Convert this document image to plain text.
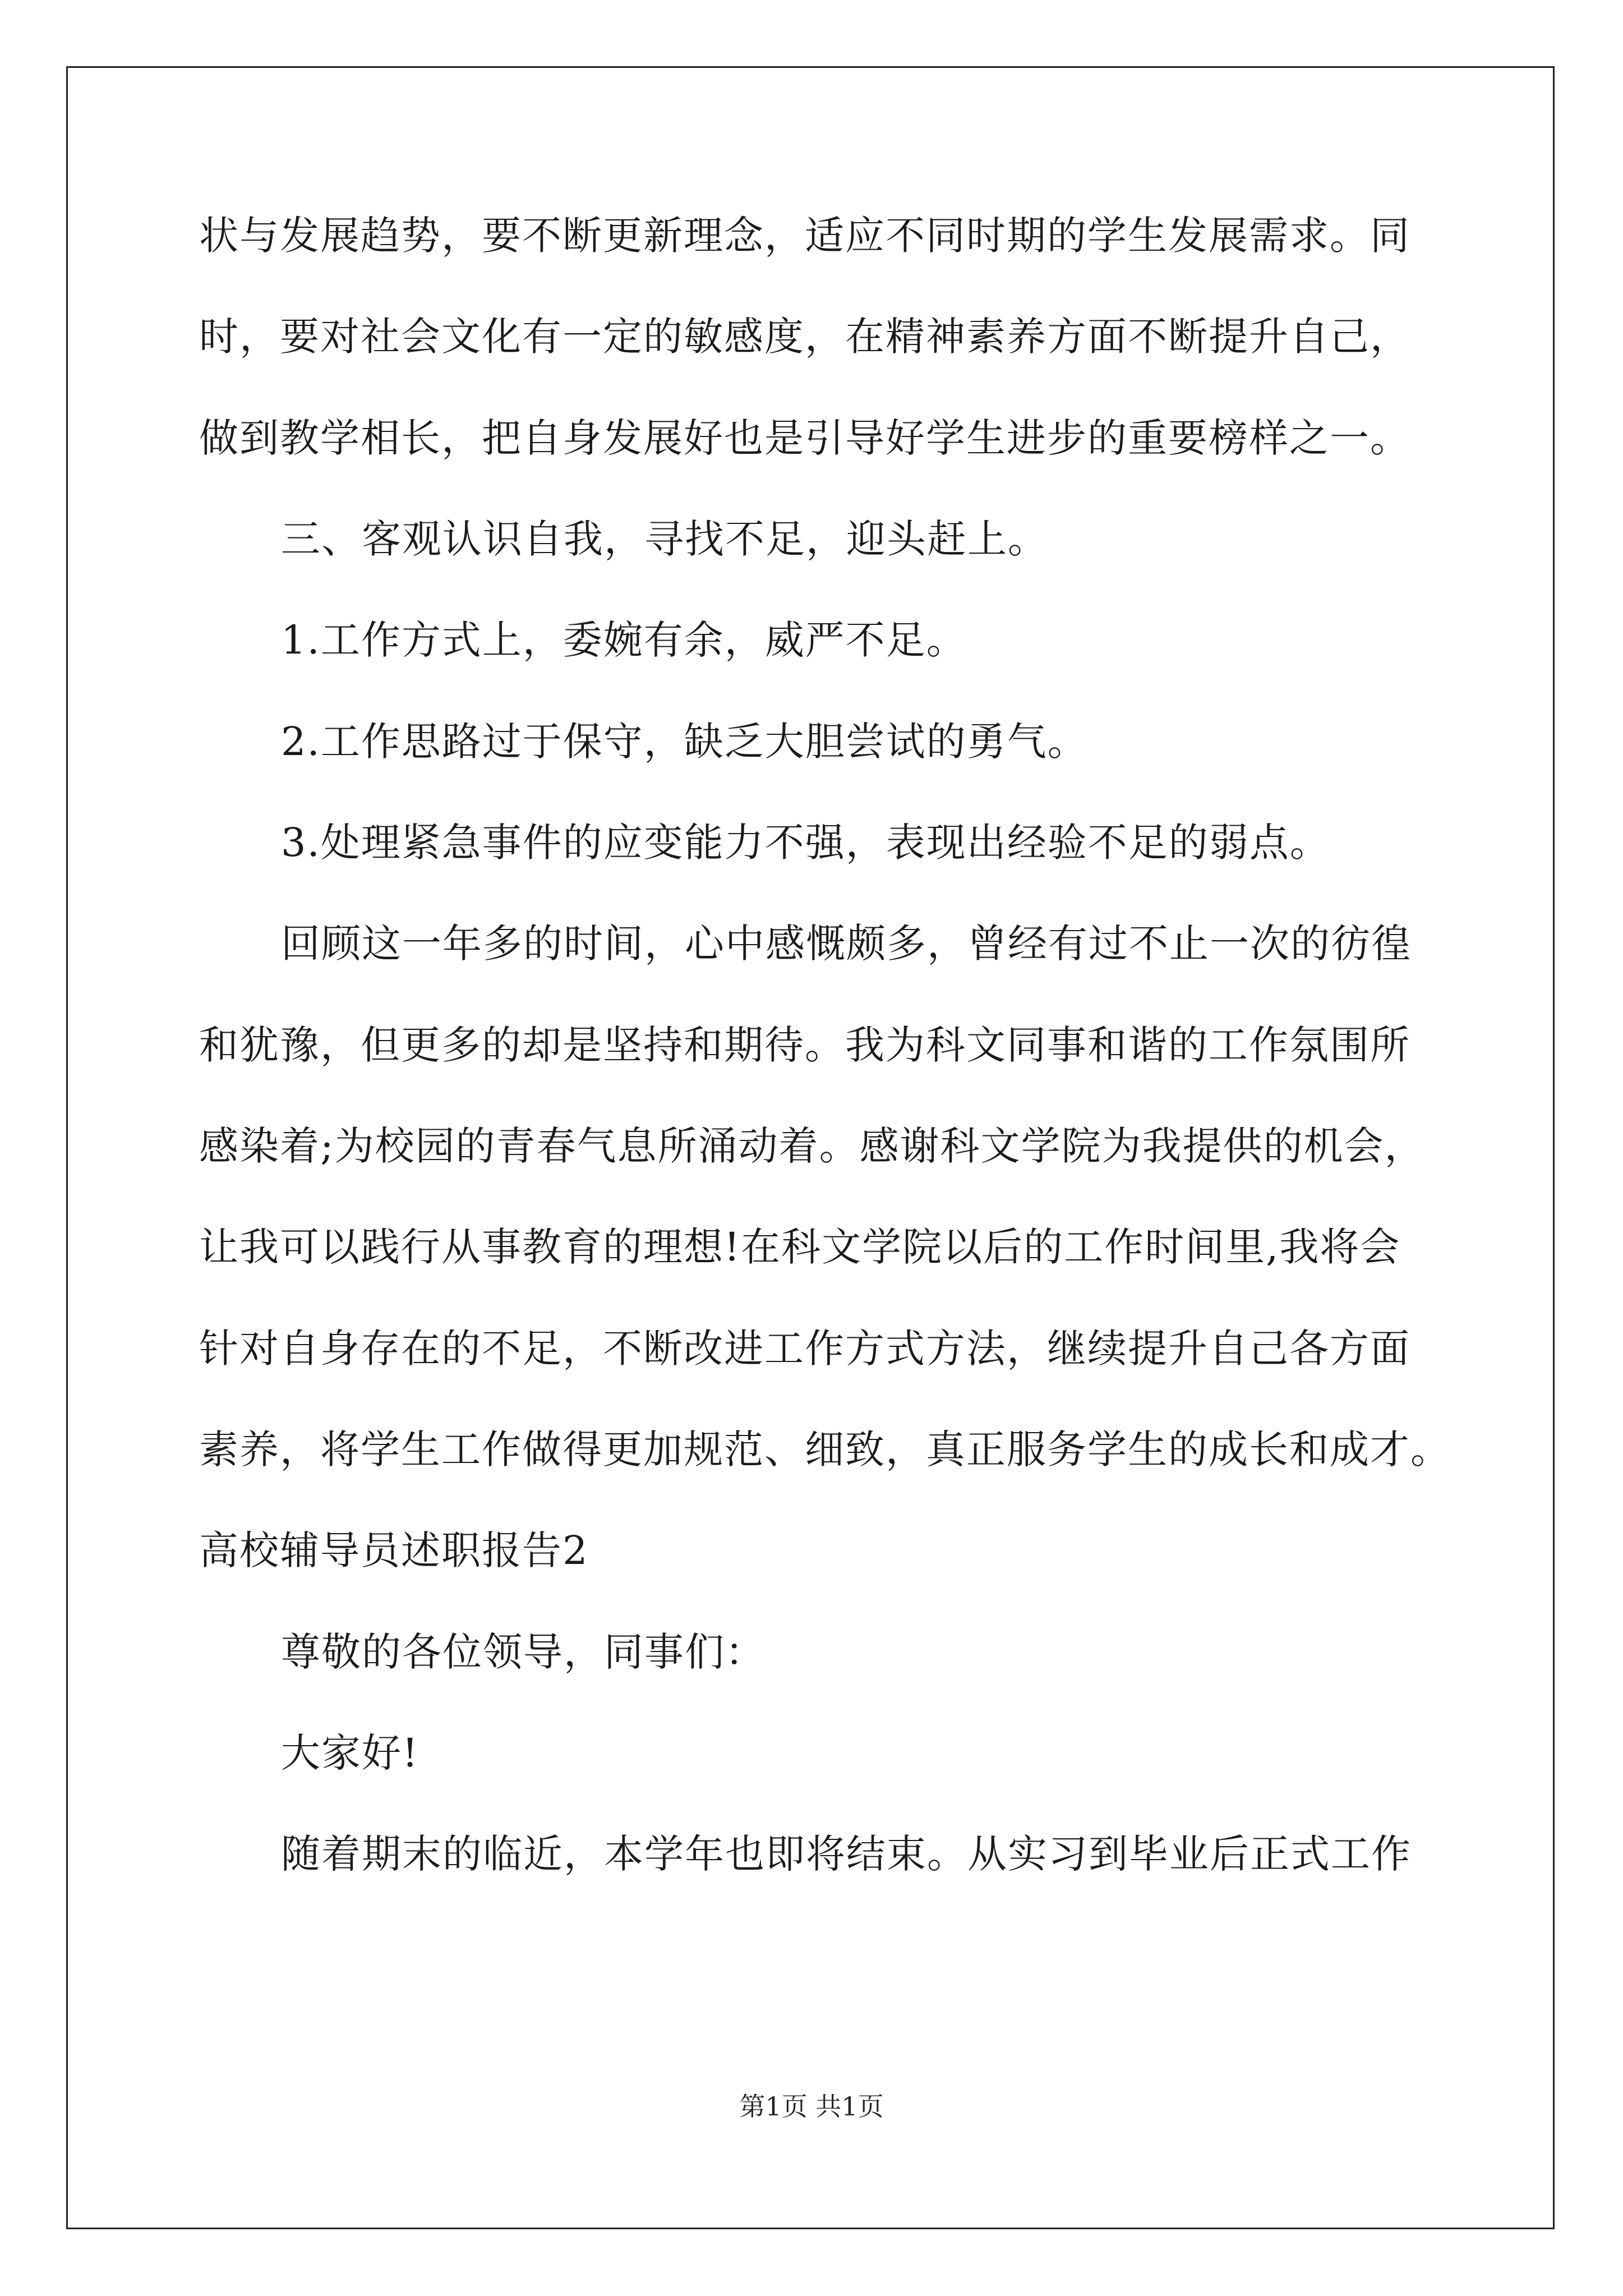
状与发展趋势，要不断更新理念，适应不同时期的学生发展需求。同
时，要对社会文化有一定的敏感度，在精神素养方面不断提升自己，
做到教学相长，把自身发展好也是引导好学生进步的重要榜样之一。
三、客观认识自我，寻找不足，迎头赶上。
1.工作方式上，委婉有余，威严不足。
2.工作思路过于保守，缺乏大胆尝试的勇气。
3.处理紧急事件的应变能力不强，表现出经验不足的弱点。
回顾这一年多的时间，心中感慨颇多，曾经有过不止一次的彷徨
和犹豫，但更多的却是坚持和期待。我为科文同事和谐的工作氛围所
感染着;为校园的青春气息所涌动着。感谢科文学院为我提供的机会，
让我可以践行从事教育的理想!在科文学院以后的工作时间里,我将会
针对自身存在的不足，不断改进工作方式方法，继续提升自己各方面
素养，将学生工作做得更加规范、细致，真正服务学生的成长和成才。
高校辅导员述职报告2
尊敬的各位领导，同事们：
大家好!
随着期末的临近，本学年也即将结束。从实习到毕业后正式工作
第1页 共1页
